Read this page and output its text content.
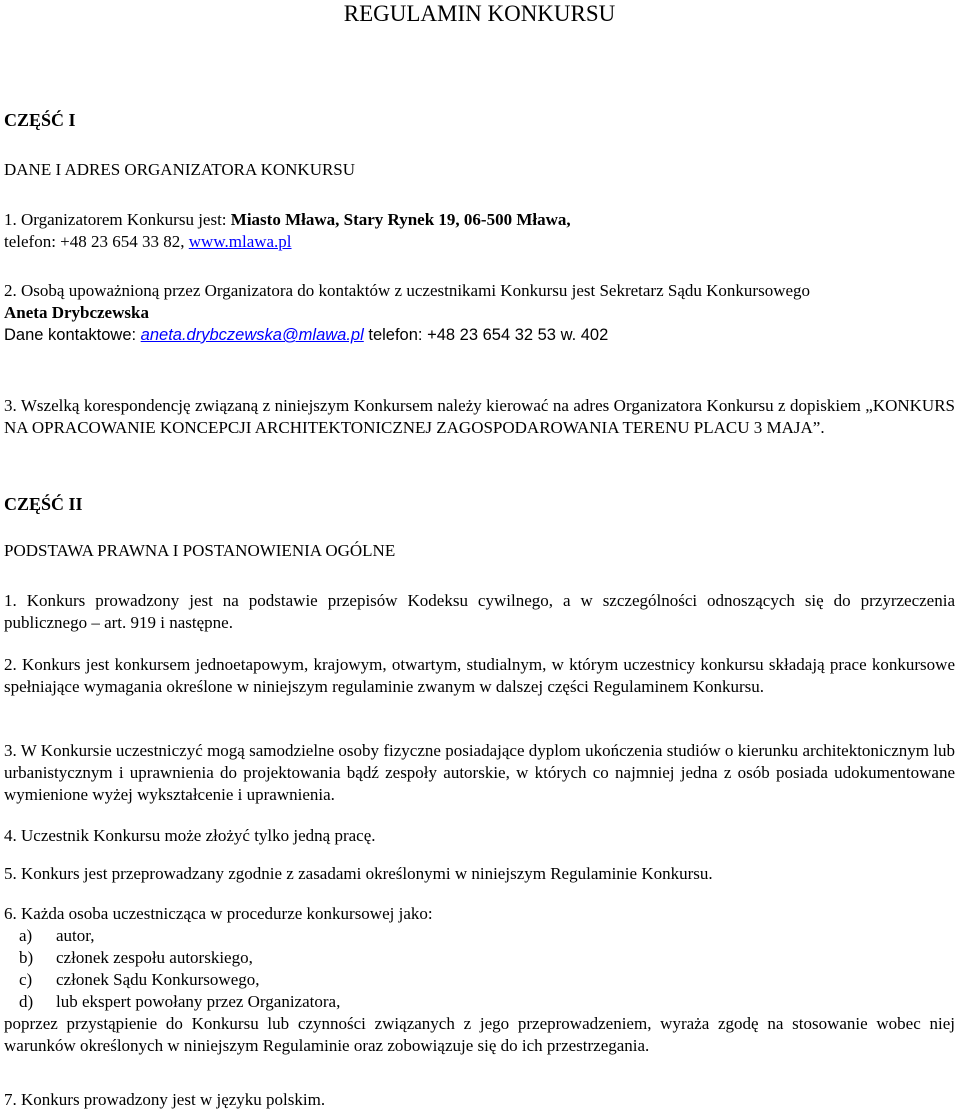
REGULAMIN KONKURSU
CZĘŚĆ I
DANE I ADRES ORGANIZATORA KONKURSU
1. Organizatorem Konkursu jest: Miasto Mława, Stary Rynek 19, 06-500 Mława,
telefon: +48 23 654 33 82, www.mlawa.pl
2. Osobą upoważnioną przez Organizatora do kontaktów z uczestnikami Konkursu jest Sekretarz Sądu Konkursowego
Aneta Drybczewska
Dane kontaktowe: aneta.drybczewska@mlawa.pl telefon: +48 23 654 32 53 w. 402
3. Wszelką korespondencję związaną z niniejszym Konkursem należy kierować na adres Organizatora Konkursu z dopiskiem „KONKURS NA OPRACOWANIE KONCEPCJI ARCHITEKTONICZNEJ ZAGOSPODAROWANIA TERENU PLACU 3 MAJA”.
CZĘŚĆ II
PODSTAWA PRAWNA I POSTANOWIENIA OGÓLNE
1. Konkurs prowadzony jest na podstawie przepisów Kodeksu cywilnego, a w szczególności odnoszących się do przyrzeczenia publicznego – art. 919 i następne.
2. Konkurs jest konkursem jednoetapowym, krajowym, otwartym, studialnym, w którym uczestnicy konkursu składają prace konkursowe spełniające wymagania określone w niniejszym regulaminie zwanym w dalszej części Regulaminem Konkursu.
3. W Konkursie uczestniczyć mogą samodzielne osoby fizyczne posiadające dyplom ukończenia studiów o kierunku architektonicznym lub urbanistycznym i uprawnienia do projektowania bądź zespoły autorskie, w których co najmniej jedna z osób posiada udokumentowane wymienione wyżej wykształcenie i uprawnienia.
4. Uczestnik Konkursu może złożyć tylko jedną pracę.
5. Konkurs jest przeprowadzany zgodnie z zasadami określonymi w niniejszym Regulaminie Konkursu.
6. Każda osoba uczestnicząca w procedurze konkursowej jako:
a)	autor,
b)	członek zespołu autorskiego,
c)	członek Sądu Konkursowego,
d)	lub ekspert powołany przez Organizatora,
poprzez przystąpienie do Konkursu lub czynności związanych z jego przeprowadzeniem, wyraża zgodę na stosowanie wobec niej warunków określonych w niniejszym Regulaminie oraz zobowiązuje się do ich przestrzegania.
7. Konkurs prowadzony jest w języku polskim.
